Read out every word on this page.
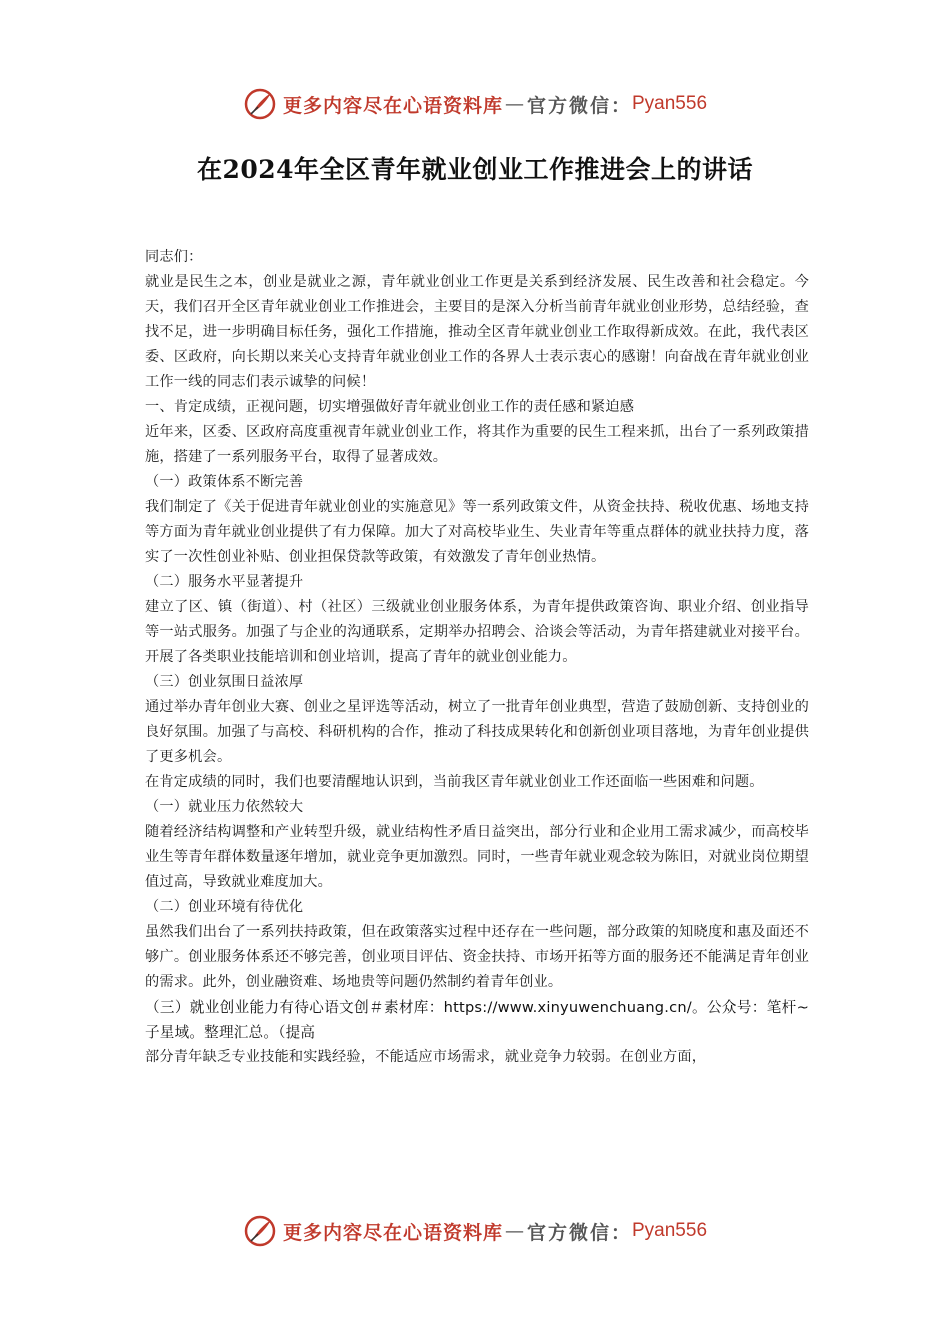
更多内容尽在心语资料库 — 官方微信： Pyan556
在2024年全区青年就业创业工作推进会上的讲话

同志们：

就业是民生之本，创业是就业之源，青年就业创业工作更是关系到经济发展、民生改善和社会稳定。今天，我们召开全区青年就业创业工作推进会，主要目的是深入分析当前青年就业创业形势，总结经验，查找不足，进一步明确目标任务，强化工作措施，推动全区青年就业创业工作取得新成效。在此，我代表区委、区政府，向长期以来关心支持青年就业创业工作的各界人士表示衷心的感谢！向奋战在青年就业创业工作一线的同志们表示诚挚的问候！

一、肯定成绩，正视问题，切实增强做好青年就业创业工作的责任感和紧迫感

近年来，区委、区政府高度重视青年就业创业工作，将其作为重要的民生工程来抓，出台了一系列政策措施，搭建了一系列服务平台，取得了显著成效。

（一）政策体系不断完善

我们制定了《关于促进青年就业创业的实施意见》等一系列政策文件，从资金扶持、税收优惠、场地支持等方面为青年就业创业提供了有力保障。加大了对高校毕业生、失业青年等重点群体的就业扶持力度，落实了一次性创业补贴、创业担保贷款等政策，有效激发了青年创业热情。

（二）服务水平显著提升

建立了区、镇（街道）、村（社区）三级就业创业服务体系，为青年提供政策咨询、职业介绍、创业指导等一站式服务。加强了与企业的沟通联系，定期举办招聘会、洽谈会等活动，为青年搭建就业对接平台。开展了各类职业技能培训和创业培训，提高了青年的就业创业能力。

（三）创业氛围日益浓厚

通过举办青年创业大赛、创业之星评选等活动，树立了一批青年创业典型，营造了鼓励创新、支持创业的良好氛围。加强了与高校、科研机构的合作，推动了科技成果转化和创新创业项目落地，为青年创业提供了更多机会。

在肯定成绩的同时，我们也要清醒地认识到，当前我区青年就业创业工作还面临一些困难和问题。

（一）就业压力依然较大

随着经济结构调整和产业转型升级，就业结构性矛盾日益突出，部分行业和企业用工需求减少，而高校毕业生等青年群体数量逐年增加，就业竞争更加激烈。同时，一些青年就业观念较为陈旧，对就业岗位期望值过高，导致就业难度加大。

（二）创业环境有待优化

虽然我们出台了一系列扶持政策，但在政策落实过程中还存在一些问题，部分政策的知晓度和惠及面还不够广。创业服务体系还不够完善，创业项目评估、资金扶持、市场开拓等方面的服务还不能满足青年创业的需求。此外，创业融资难、场地贵等问题仍然制约着青年创业。

（三）就业创业能力有待心语文创＃素材库：https://www.xinyuwenchuang.cn/。公众号：笔杆~子星域。整理汇总。（提高

部分青年缺乏专业技能和实践经验，不能适应市场需求，就业竞争力较弱。在创业方面，

更多内容尽在心语资料库 — 官方微信： Pyan556
